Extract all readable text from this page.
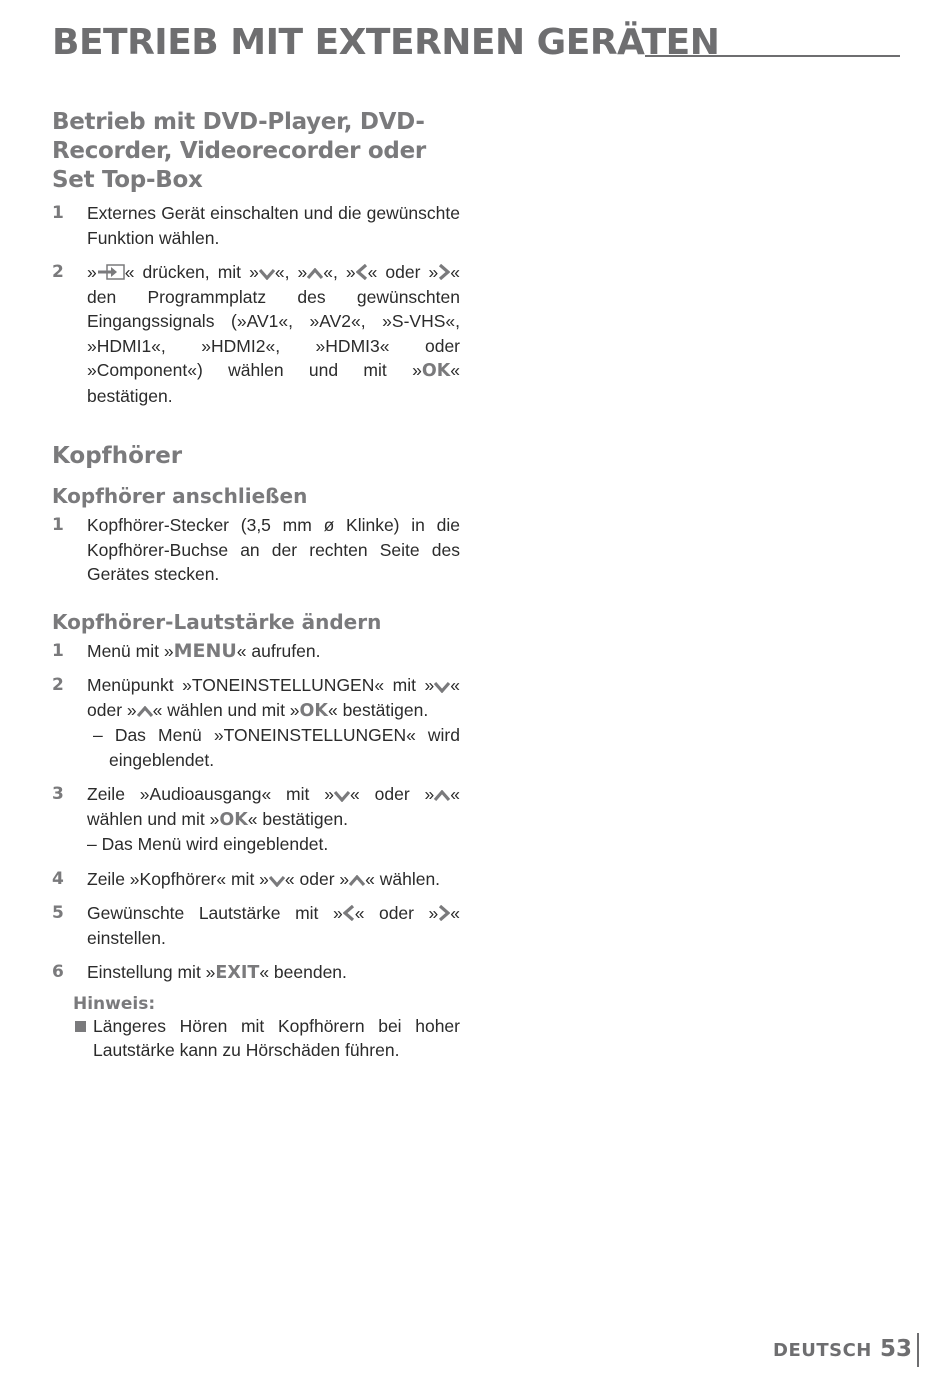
BETRIEB MIT EXTERNEN GERÄTEN
Betrieb mit DVD-Player, DVD-
Recorder, Videorecorder oder
Set Top-Box
1 Externes Gerät einschalten und die gewünschte Funktion wählen.

2 » « drücken, mit » «, » «, » « oder » « den Programmplatz des gewünschten Eingangssignals (»AV1«, »AV2«, »S-VHS«, »HDMI1«, »HDMI2«, »HDMI3« oder »Component«) wählen und mit »OK« bestätigen.

Kopfhörer
Kopfhörer anschließen
1 Kopfhörer-Stecker (3,5 mm ø Klinke) in die Kopfhörer-Buchse an der rechten Seite des Gerätes stecken.

Kopfhörer-Lautstärke ändern
1 Menü mit »MENU« aufrufen.

2 Menüpunkt »TONEINSTELLUNGEN« mit » « oder » « wählen und mit »OK« bestätigen.

– Das Menü »TONEINSTELLUNGEN« wird eingeblendet.

3 Zeile »Audioausgang« mit » « oder » « wählen und mit »OK« bestätigen.

– Das Menü wird eingeblendet.

4 Zeile »Kopfhörer« mit » « oder » « wählen.

5 Gewünschte Lautstärke mit » « oder » « einstellen.

6 Einstellung mit »EXIT« beenden.

Hinweis:
Längeres Hören mit Kopfhörern bei hoher Lautstärke kann zu Hörschäden führen.
DEUTSCH 53
